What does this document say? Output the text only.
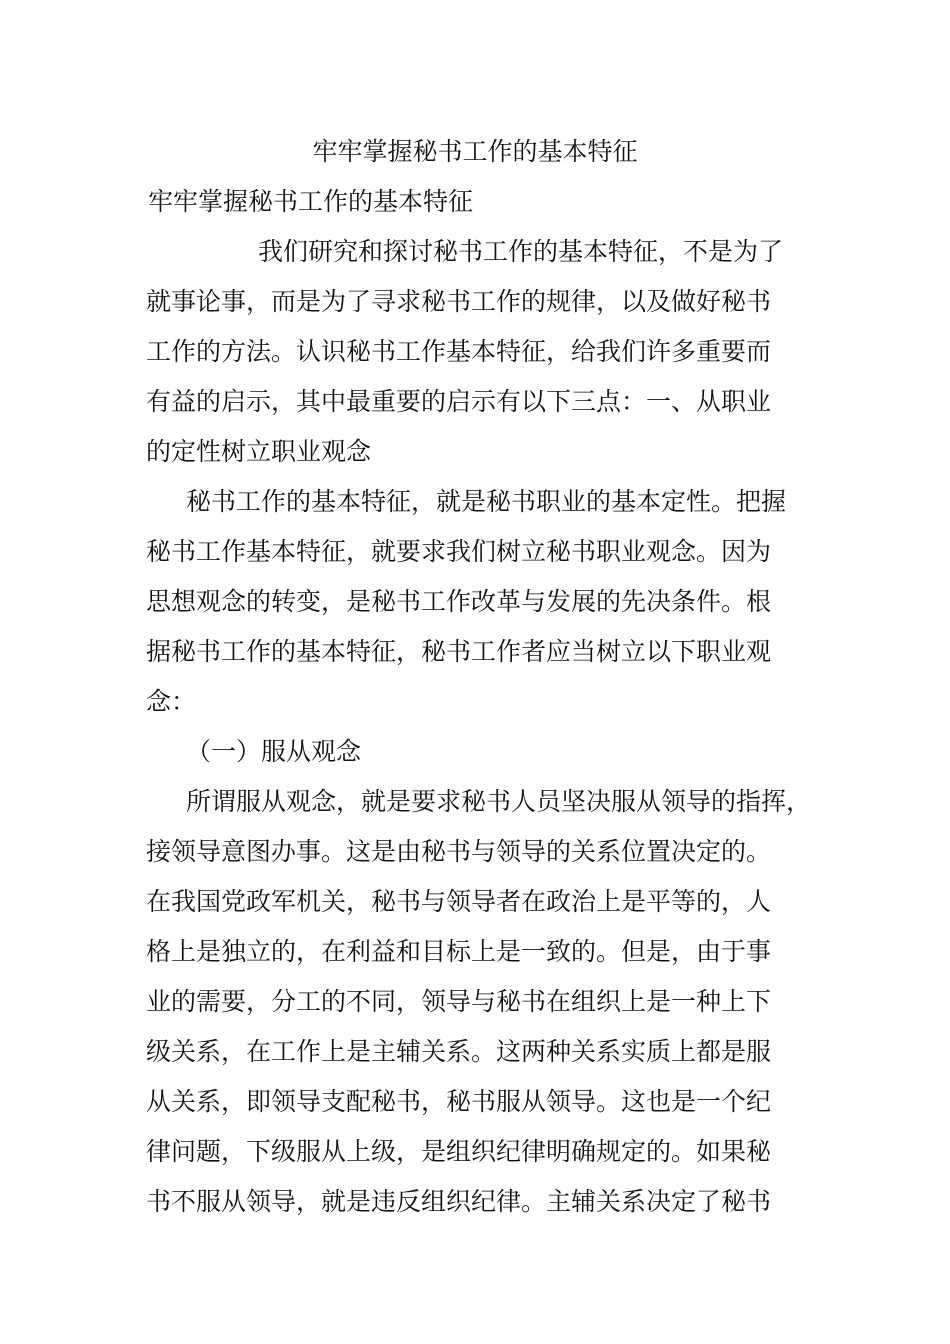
牢牢掌握秘书工作的基本特征
牢牢掌握秘书工作的基本特征
我们研究和探讨秘书工作的基本特征，不是为了
就事论事，而是为了寻求秘书工作的规律，以及做好秘书
工作的方法。认识秘书工作基本特征，给我们许多重要而
有益的启示，其中最重要的启示有以下三点：一、从职业
的定性树立职业观念
秘书工作的基本特征，就是秘书职业的基本定性。把握
秘书工作基本特征，就要求我们树立秘书职业观念。因为
思想观念的转变，是秘书工作改革与发展的先决条件。根
据秘书工作的基本特征，秘书工作者应当树立以下职业观
念：
（一）服从观念
所谓服从观念，就是要求秘书人员坚决服从领导的指挥，
接领导意图办事。这是由秘书与领导的关系位置决定的。
在我国党政军机关，秘书与领导者在政治上是平等的，人
格上是独立的，在利益和目标上是一致的。但是，由于事
业的需要，分工的不同，领导与秘书在组织上是一种上下
级关系，在工作上是主辅关系。这两种关系实质上都是服
从关系，即领导支配秘书，秘书服从领导。这也是一个纪
律问题，下级服从上级，是组织纪律明确规定的。如果秘
书不服从领导，就是违反组织纪律。主辅关系决定了秘书
